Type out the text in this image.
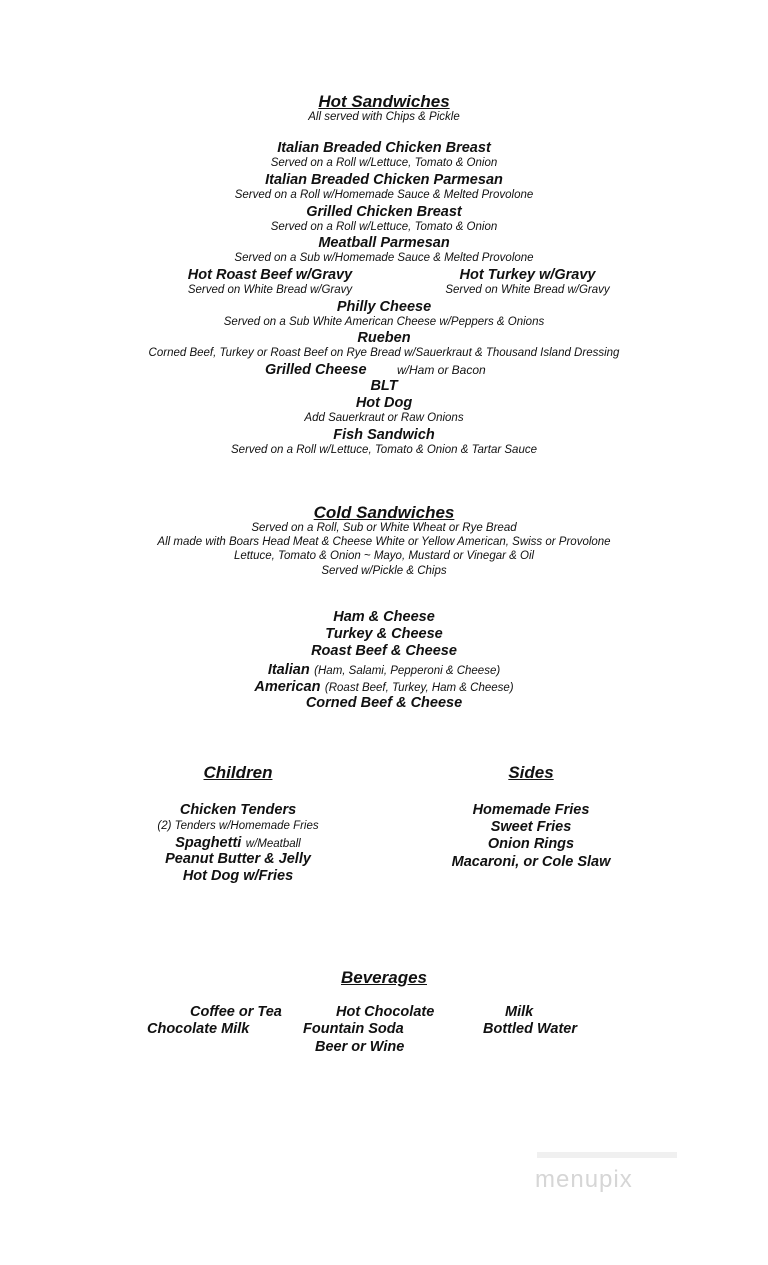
Hot Sandwiches
All served with Chips & Pickle
Italian Breaded Chicken Breast
Served on a Roll w/Lettuce, Tomato & Onion
Italian Breaded Chicken Parmesan
Served on a Roll w/Homemade Sauce & Melted Provolone
Grilled Chicken Breast
Served on a Roll w/Lettuce, Tomato & Onion
Meatball Parmesan
Served on a Sub w/Homemade Sauce & Melted Provolone
Hot Roast Beef w/Gravy
Served on White Bread w/Gravy
Hot Turkey w/Gravy
Served on White Bread w/Gravy
Philly Cheese
Served on a Sub White American Cheese w/Peppers & Onions
Rueben
Corned Beef, Turkey or Roast Beef on Rye Bread w/Sauerkraut & Thousand Island Dressing
Grilled Cheese	w/Ham or Bacon
BLT
Hot Dog
Add Sauerkraut or Raw Onions
Fish Sandwich
Served on a Roll w/Lettuce, Tomato & Onion & Tartar Sauce
Cold Sandwiches
Served on a Roll, Sub or White Wheat or Rye Bread
All made with Boars Head Meat & Cheese White or Yellow American, Swiss or Provolone
Lettuce, Tomato & Onion ~ Mayo, Mustard or Vinegar & Oil
Served w/Pickle & Chips
Ham & Cheese
Turkey & Cheese
Roast Beef & Cheese
Italian (Ham, Salami, Pepperoni & Cheese)
American (Roast Beef, Turkey, Ham & Cheese)
Corned Beef & Cheese
Children
Chicken Tenders
(2) Tenders w/Homemade Fries
Spaghetti w/Meatball
Peanut Butter & Jelly
Hot Dog w/Fries
Sides
Homemade Fries
Sweet Fries
Onion Rings
Macaroni, or Cole Slaw
Beverages
Coffee or Tea	Hot Chocolate	Milk
Chocolate Milk	Fountain Soda	Bottled Water
Beer or Wine
menupix
